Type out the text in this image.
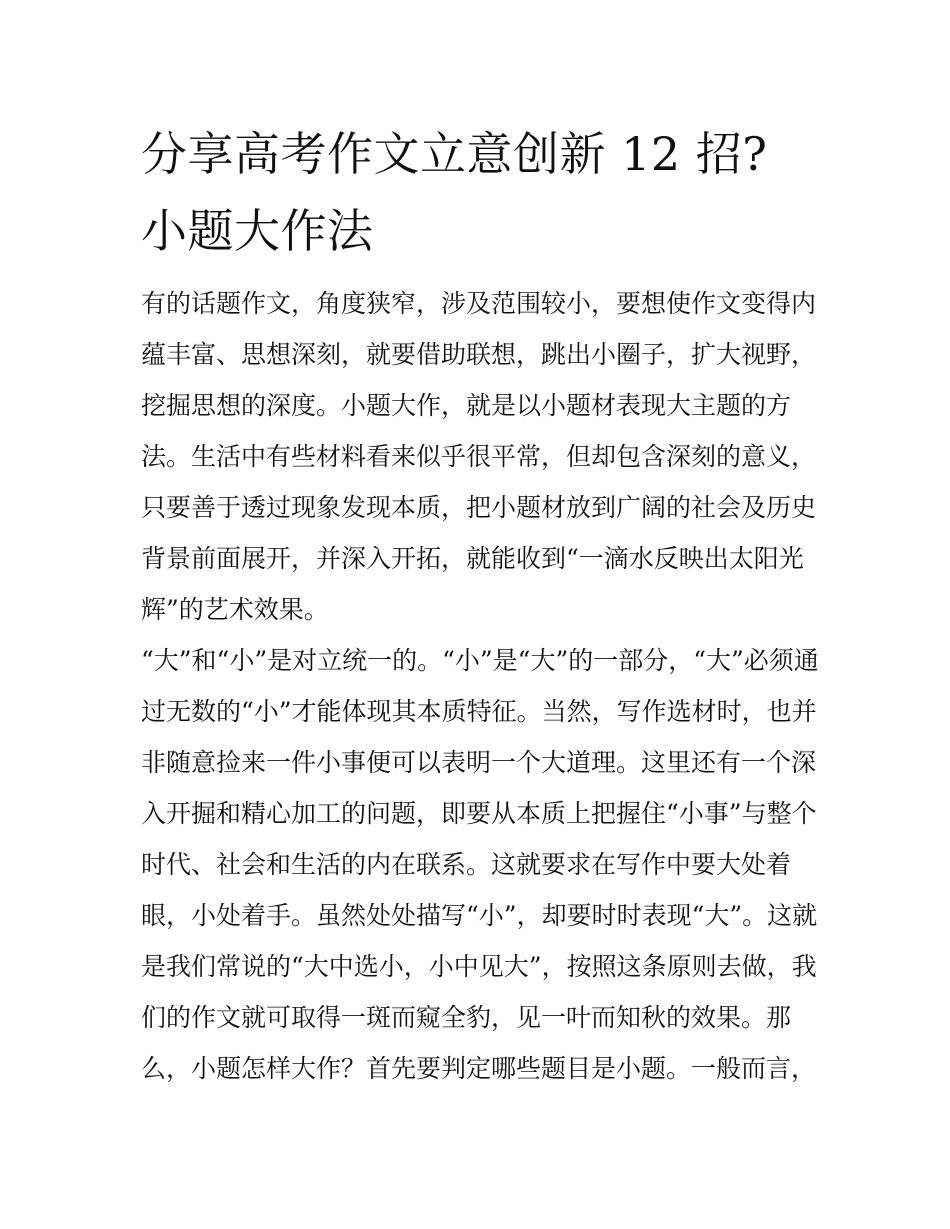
分享高考作文立意创新 12 招?
小题大作法
有的话题作文，角度狭窄，涉及范围较小，要想使作文变得内
蕴丰富、思想深刻，就要借助联想，跳出小圈子，扩大视野，
挖掘思想的深度。小题大作，就是以小题材表现大主题的方
法。生活中有些材料看来似乎很平常，但却包含深刻的意义，
只要善于透过现象发现本质，把小题材放到广阔的社会及历史
背景前面展开，并深入开拓，就能收到“一滴水反映出太阳光
辉”的艺术效果。
“大”和“小”是对立统一的。“小”是“大”的一部分，“大”必须通
过无数的“小”才能体现其本质特征。当然，写作选材时，也并
非随意捡来一件小事便可以表明一个大道理。这里还有一个深
入开掘和精心加工的问题，即要从本质上把握住“小事”与整个
时代、社会和生活的内在联系。这就要求在写作中要大处着
眼，小处着手。虽然处处描写“小”，却要时时表现“大”。这就
是我们常说的“大中选小，小中见大”，按照这条原则去做，我
们的作文就可取得一斑而窥全豹，见一叶而知秋的效果。那
么，小题怎样大作？首先要判定哪些题目是小题。一般而言，
